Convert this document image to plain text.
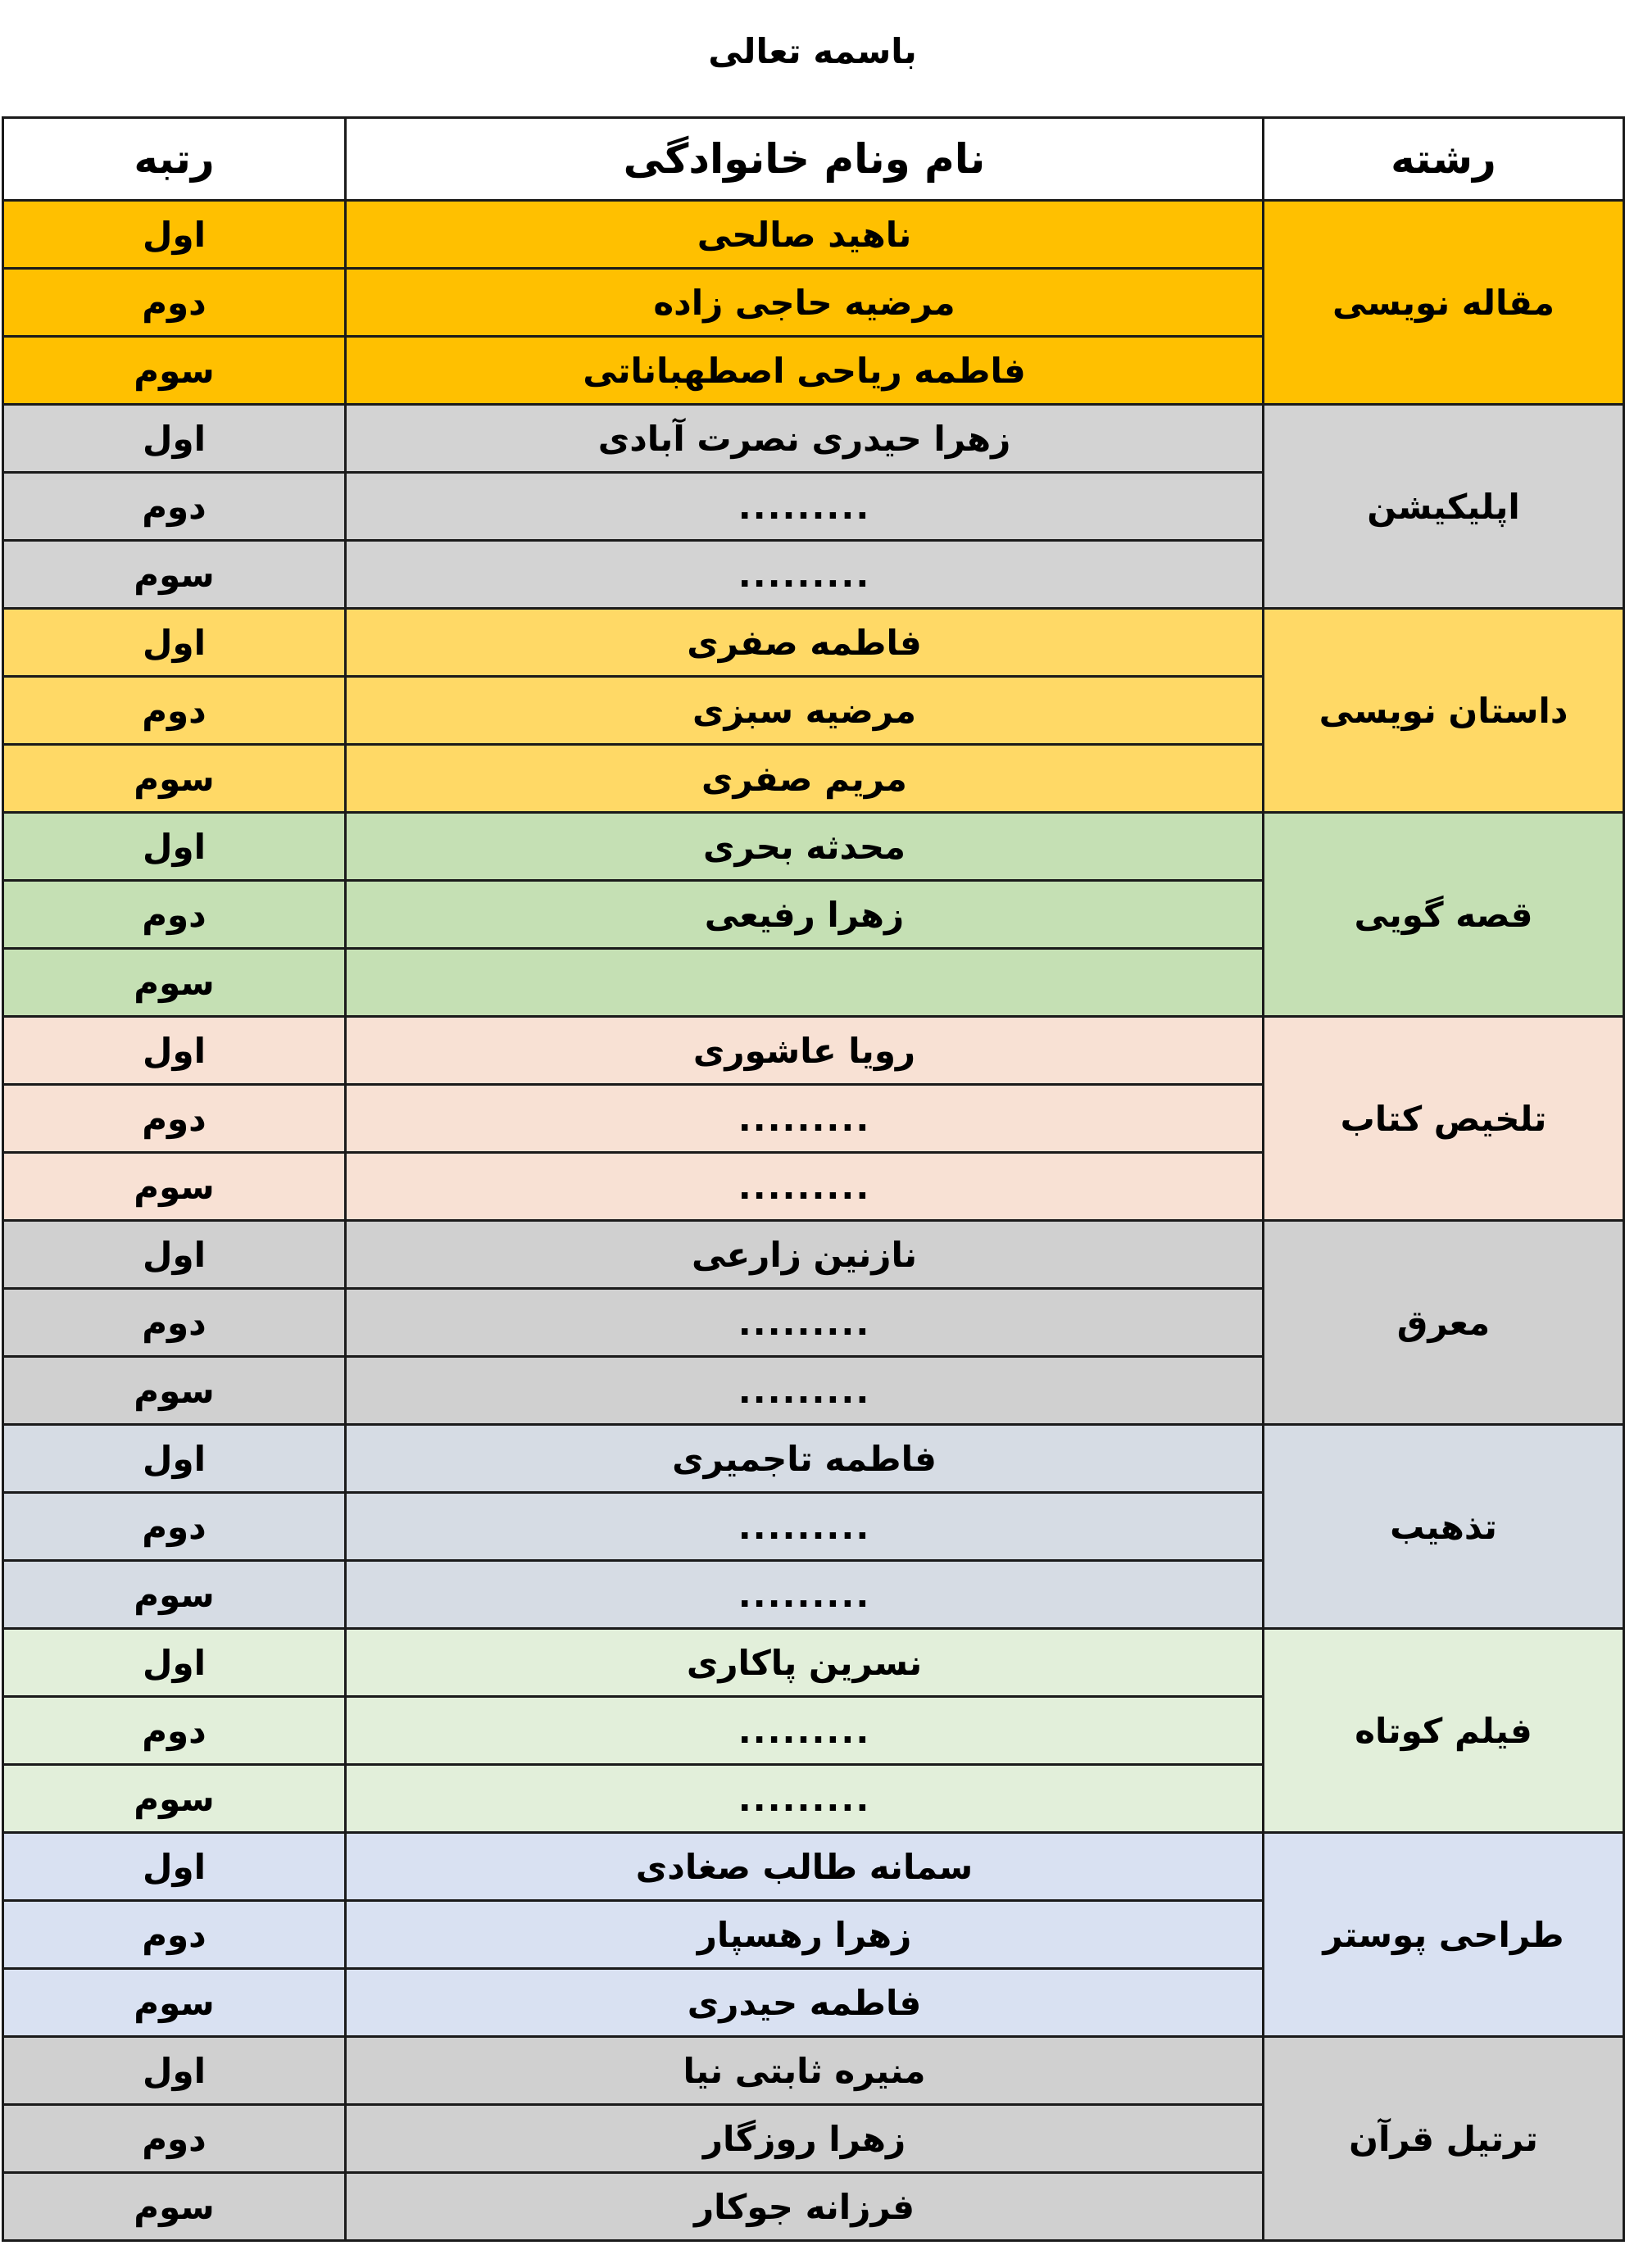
باسمه تعالی
رشته	نام ونام خانوادگی	رتبه
مقاله نویسی	ناهید صالحی	اول
	مرضیه حاجی زاده	دوم
	فاطمه ریاحی اصطهباناتی	سوم
اپلیکیشن	زهرا حیدری نصرت آبادی	اول
	.........	دوم
	.........	سوم
داستان نویسی	فاطمه صفری	اول
	مرضیه سبزی	دوم
	مریم صفری	سوم
قصه گویی	محدثه بحری	اول
	زهرا رفیعی	دوم
		سوم
تلخیص کتاب	رویا عاشوری	اول
	.........	دوم
	.........	سوم
معرق	نازنین زارعی	اول
	.........	دوم
	.........	سوم
تذهیب	فاطمه تاجمیری	اول
	.........	دوم
	.........	سوم
فیلم کوتاه	نسرین پاکاری	اول
	.........	دوم
	.........	سوم
طراحی پوستر	سمانه طالب صغادی	اول
	زهرا رهسپار	دوم
	فاطمه حیدری	سوم
ترتیل قرآن	منیره ثابتی نیا	اول
	زهرا روزگار	دوم
	فرزانه جوکار	سوم
